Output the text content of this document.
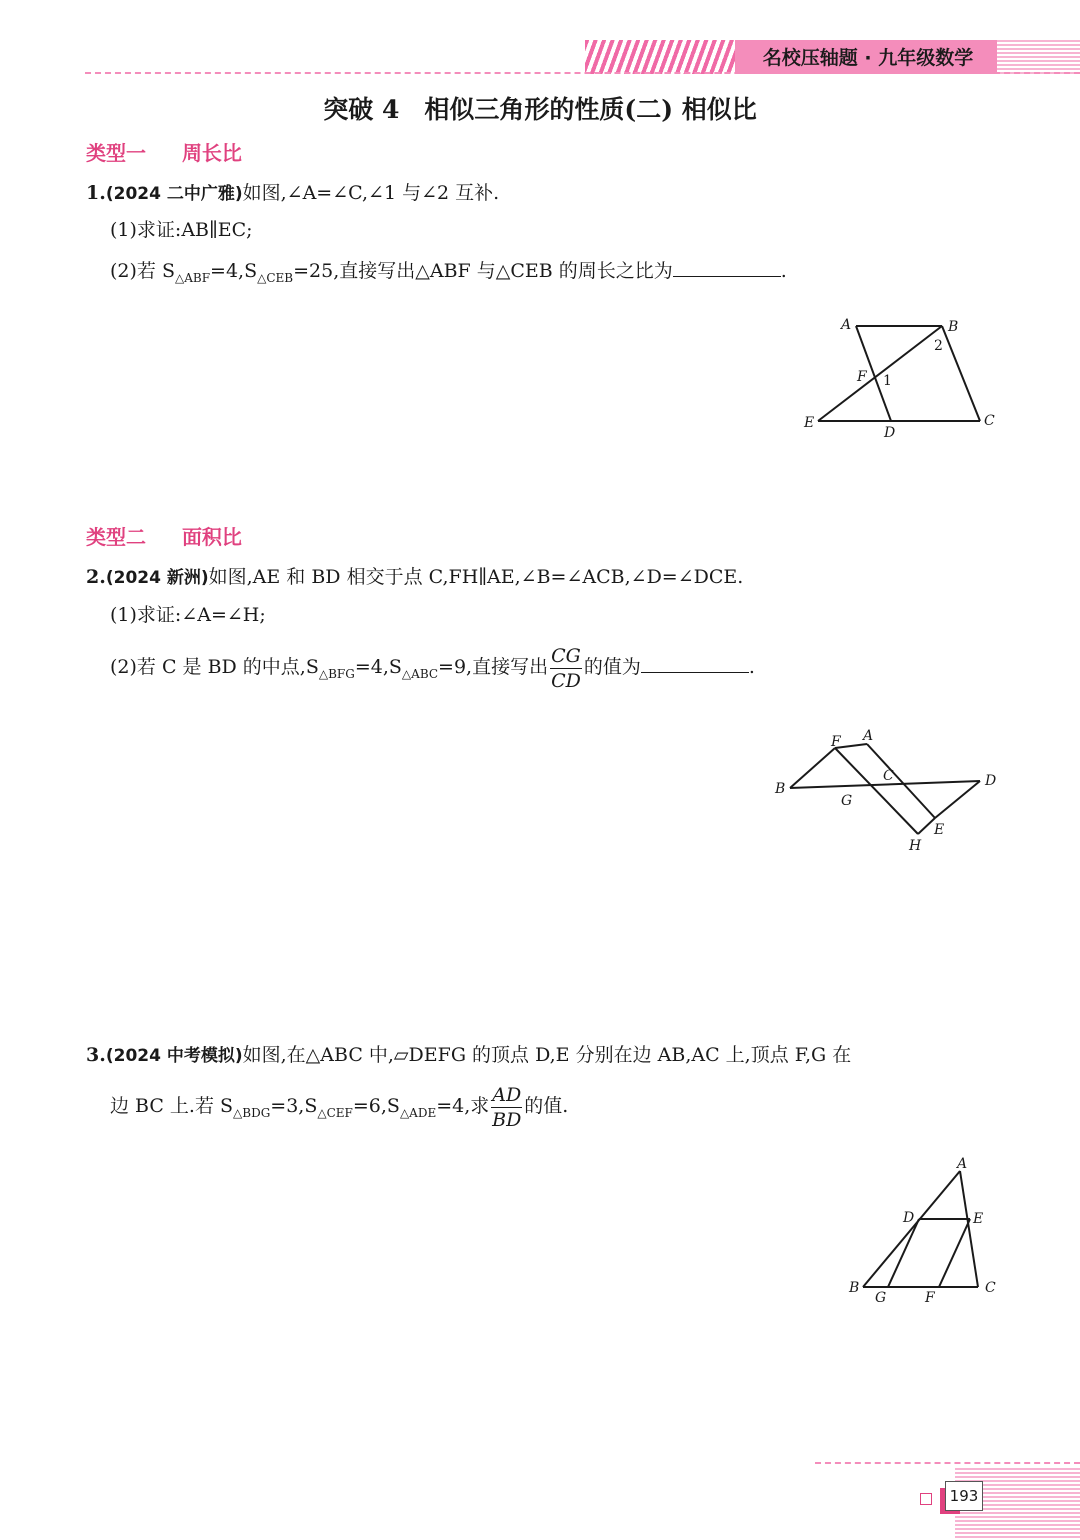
名校压轴题 · 九年级数学
突破 4　相似三角形的性质(二) 相似比
类型一 周长比
1.(2024 二中广雅)如图,∠A=∠C,∠1 与∠2 互补.
(1)求证:AB∥EC;
(2)若 $S_{\triangle ABF}=4,S_{\triangle CEB}=25$,直接写出△ABF 与△CEB 的周长之比为	.
A	B
C
D
E
F 1
2
类型二 面积比
2.(2024 新洲)如图,AE 和 BD 相交于点 C,FH∥AE,∠B=∠ACB,∠D=∠DCE.
(1)求证:∠A=∠H;
(2)若 C 是 BD 的中点$,S_{\triangle BFG}=4,S_{\triangle ABC}=9$,直接写出 $\frac{CG}{CD}$ 的值为	.
F A
B
C	D
E
G
H
3.(2024 中考模拟)如图,在△ABC 中,▱DEFG 的顶点 D,E 分别在边 AB,AC 上,顶点 F,G 在
边 BC 上.若 $S_{\triangle BDG}=3,S_{\triangle CEF}=6,S_{\triangle ADE}=4$,求 $\frac{AD}{BD}$ 的值.
A
B	C
D	E
F
G
193
